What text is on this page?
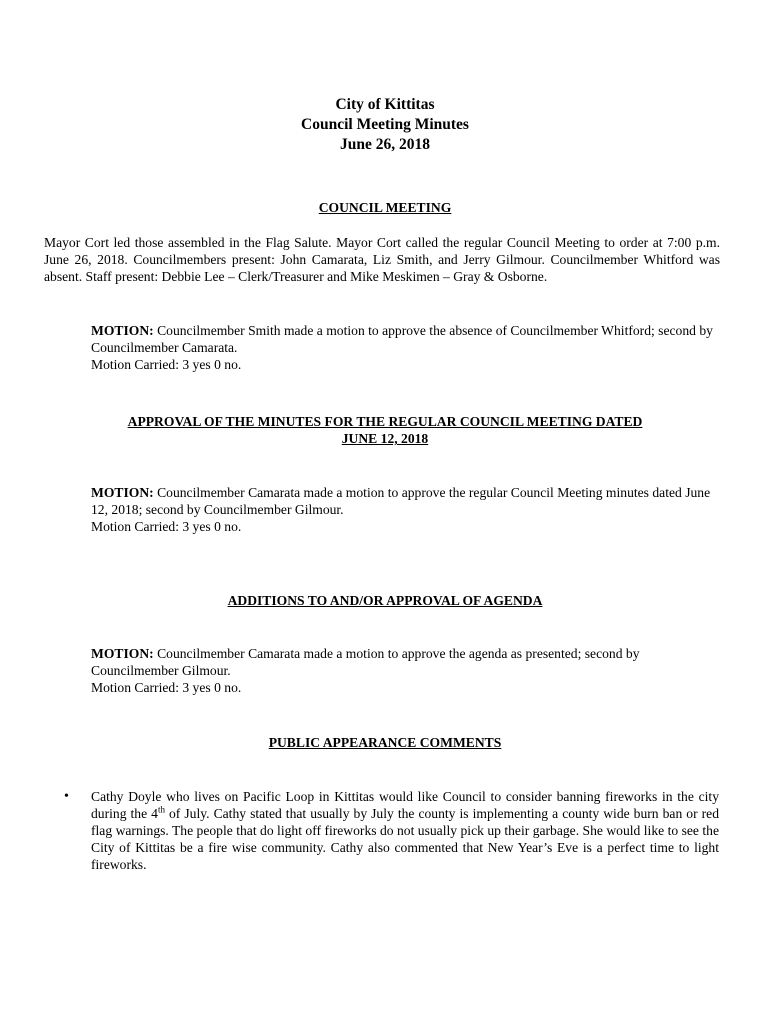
City of Kittitas
Council Meeting Minutes
June 26, 2018
COUNCIL MEETING
Mayor Cort led those assembled in the Flag Salute. Mayor Cort called the regular Council Meeting to order at 7:00 p.m. June 26, 2018. Councilmembers present: John Camarata, Liz Smith, and Jerry Gilmour. Councilmember Whitford was absent. Staff present: Debbie Lee – Clerk/Treasurer and Mike Meskimen – Gray & Osborne.
MOTION: Councilmember Smith made a motion to approve the absence of Councilmember Whitford; second by Councilmember Camarata.
Motion Carried: 3 yes 0 no.
APPROVAL OF THE MINUTES FOR THE REGULAR COUNCIL MEETING DATED
JUNE 12, 2018
MOTION: Councilmember Camarata made a motion to approve the regular Council Meeting minutes dated June 12, 2018; second by Councilmember Gilmour.
Motion Carried: 3 yes 0 no.
ADDITIONS TO AND/OR APPROVAL OF AGENDA
MOTION: Councilmember Camarata made a motion to approve the agenda as presented; second by Councilmember Gilmour.
Motion Carried: 3 yes 0 no.
PUBLIC APPEARANCE COMMENTS
• Cathy Doyle who lives on Pacific Loop in Kittitas would like Council to consider banning fireworks in the city during the 4th of July. Cathy stated that usually by July the county is implementing a county wide burn ban or red flag warnings. The people that do light off fireworks do not usually pick up their garbage. She would like to see the City of Kittitas be a fire wise community. Cathy also commented that New Year’s Eve is a perfect time to light fireworks.
